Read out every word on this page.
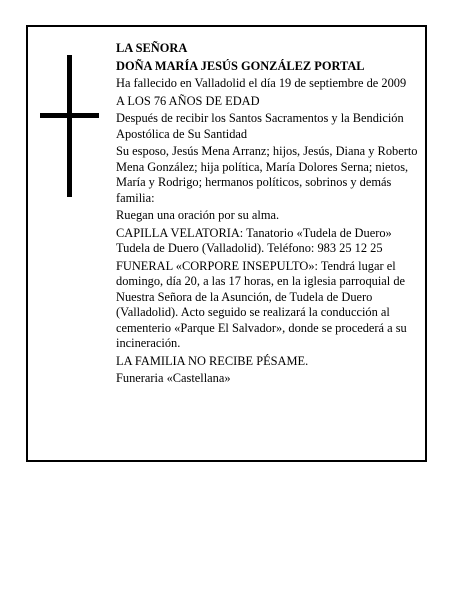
LA SEÑORA

DOÑA MARÍA JESÚS GONZÁLEZ PORTAL

Ha fallecido en Valladolid el día 19 de septiembre de 2009

A LOS 76 AÑOS DE EDAD

Después de recibir los Santos Sacramentos y la Bendición Apostólica de Su Santidad

Su esposo, Jesús Mena Arranz; hijos, Jesús, Diana y Roberto Mena González; hija política, María Dolores Serna; nietos, María y Rodrigo; hermanos políticos, sobrinos y demás familia:

Ruegan una oración por su alma.

CAPILLA VELATORIA: Tanatorio «Tudela de Duero» Tudela de Duero (Valladolid). Teléfono: 983 25 12 25

FUNERAL «CORPORE INSEPULTO»: Tendrá lugar el domingo, día 20, a las 17 horas, en la iglesia parroquial de Nuestra Señora de la Asunción, de Tudela de Duero (Valladolid). Acto seguido se realizará la conducción al cementerio «Parque El Salvador», donde se procederá a su incineración.

LA FAMILIA NO RECIBE PÉSAME.

Funeraria «Castellana»
